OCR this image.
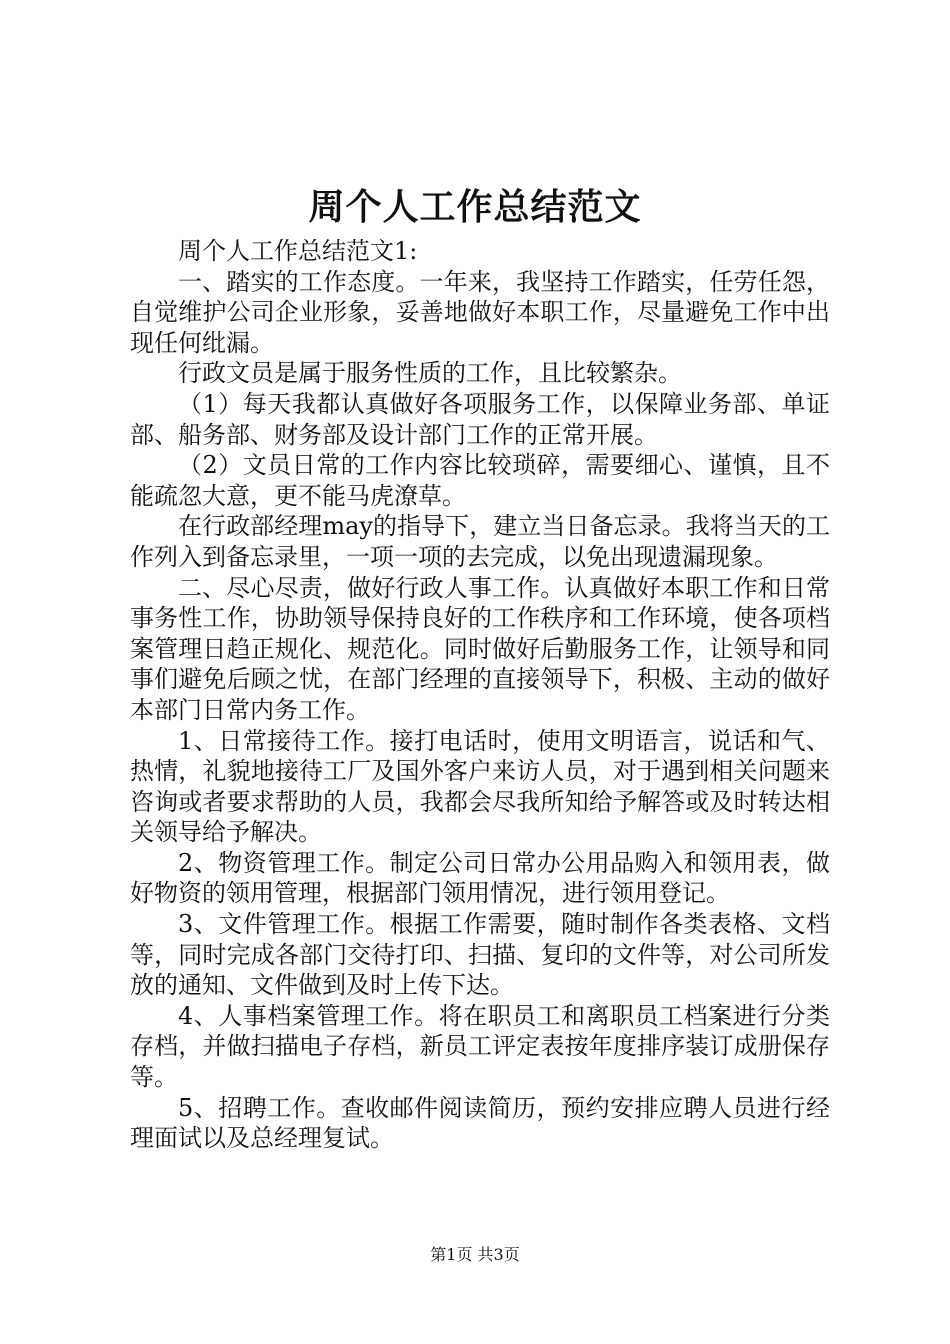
周个人工作总结范文

周个人工作总结范文1:

一、踏实的工作态度。一年来，我坚持工作踏实，任劳任怨，自觉维护公司企业形象，妥善地做好本职工作，尽量避免工作中出现任何纰漏。

行政文员是属于服务性质的工作，且比较繁杂。

（1）每天我都认真做好各项服务工作，以保障业务部、单证部、船务部、财务部及设计部门工作的正常开展。

（2）文员日常的工作内容比较琐碎，需要细心、谨慎，且不能疏忽大意，更不能马虎潦草。

在行政部经理may的指导下，建立当日备忘录。我将当天的工作列入到备忘录里，一项一项的去完成，以免出现遗漏现象。

二、尽心尽责，做好行政人事工作。认真做好本职工作和日常事务性工作，协助领导保持良好的工作秩序和工作环境，使各项档案管理日趋正规化、规范化。同时做好后勤服务工作，让领导和同事们避免后顾之忧，在部门经理的直接领导下，积极、主动的做好本部门日常内务工作。

1、日常接待工作。接打电话时，使用文明语言，说话和气、热情，礼貌地接待工厂及国外客户来访人员，对于遇到相关问题来咨询或者要求帮助的人员，我都会尽我所知给予解答或及时转达相关领导给予解决。

2、物资管理工作。制定公司日常办公用品购入和领用表，做好物资的领用管理，根据部门领用情况，进行领用登记。

3、文件管理工作。根据工作需要，随时制作各类表格、文档等，同时完成各部门交待打印、扫描、复印的文件等，对公司所发放的通知、文件做到及时上传下达。

4、人事档案管理工作。将在职员工和离职员工档案进行分类存档，并做扫描电子存档，新员工评定表按年度排序装订成册保存等。

5、招聘工作。查收邮件阅读简历，预约安排应聘人员进行经理面试以及总经理复试。

第1页 共3页
